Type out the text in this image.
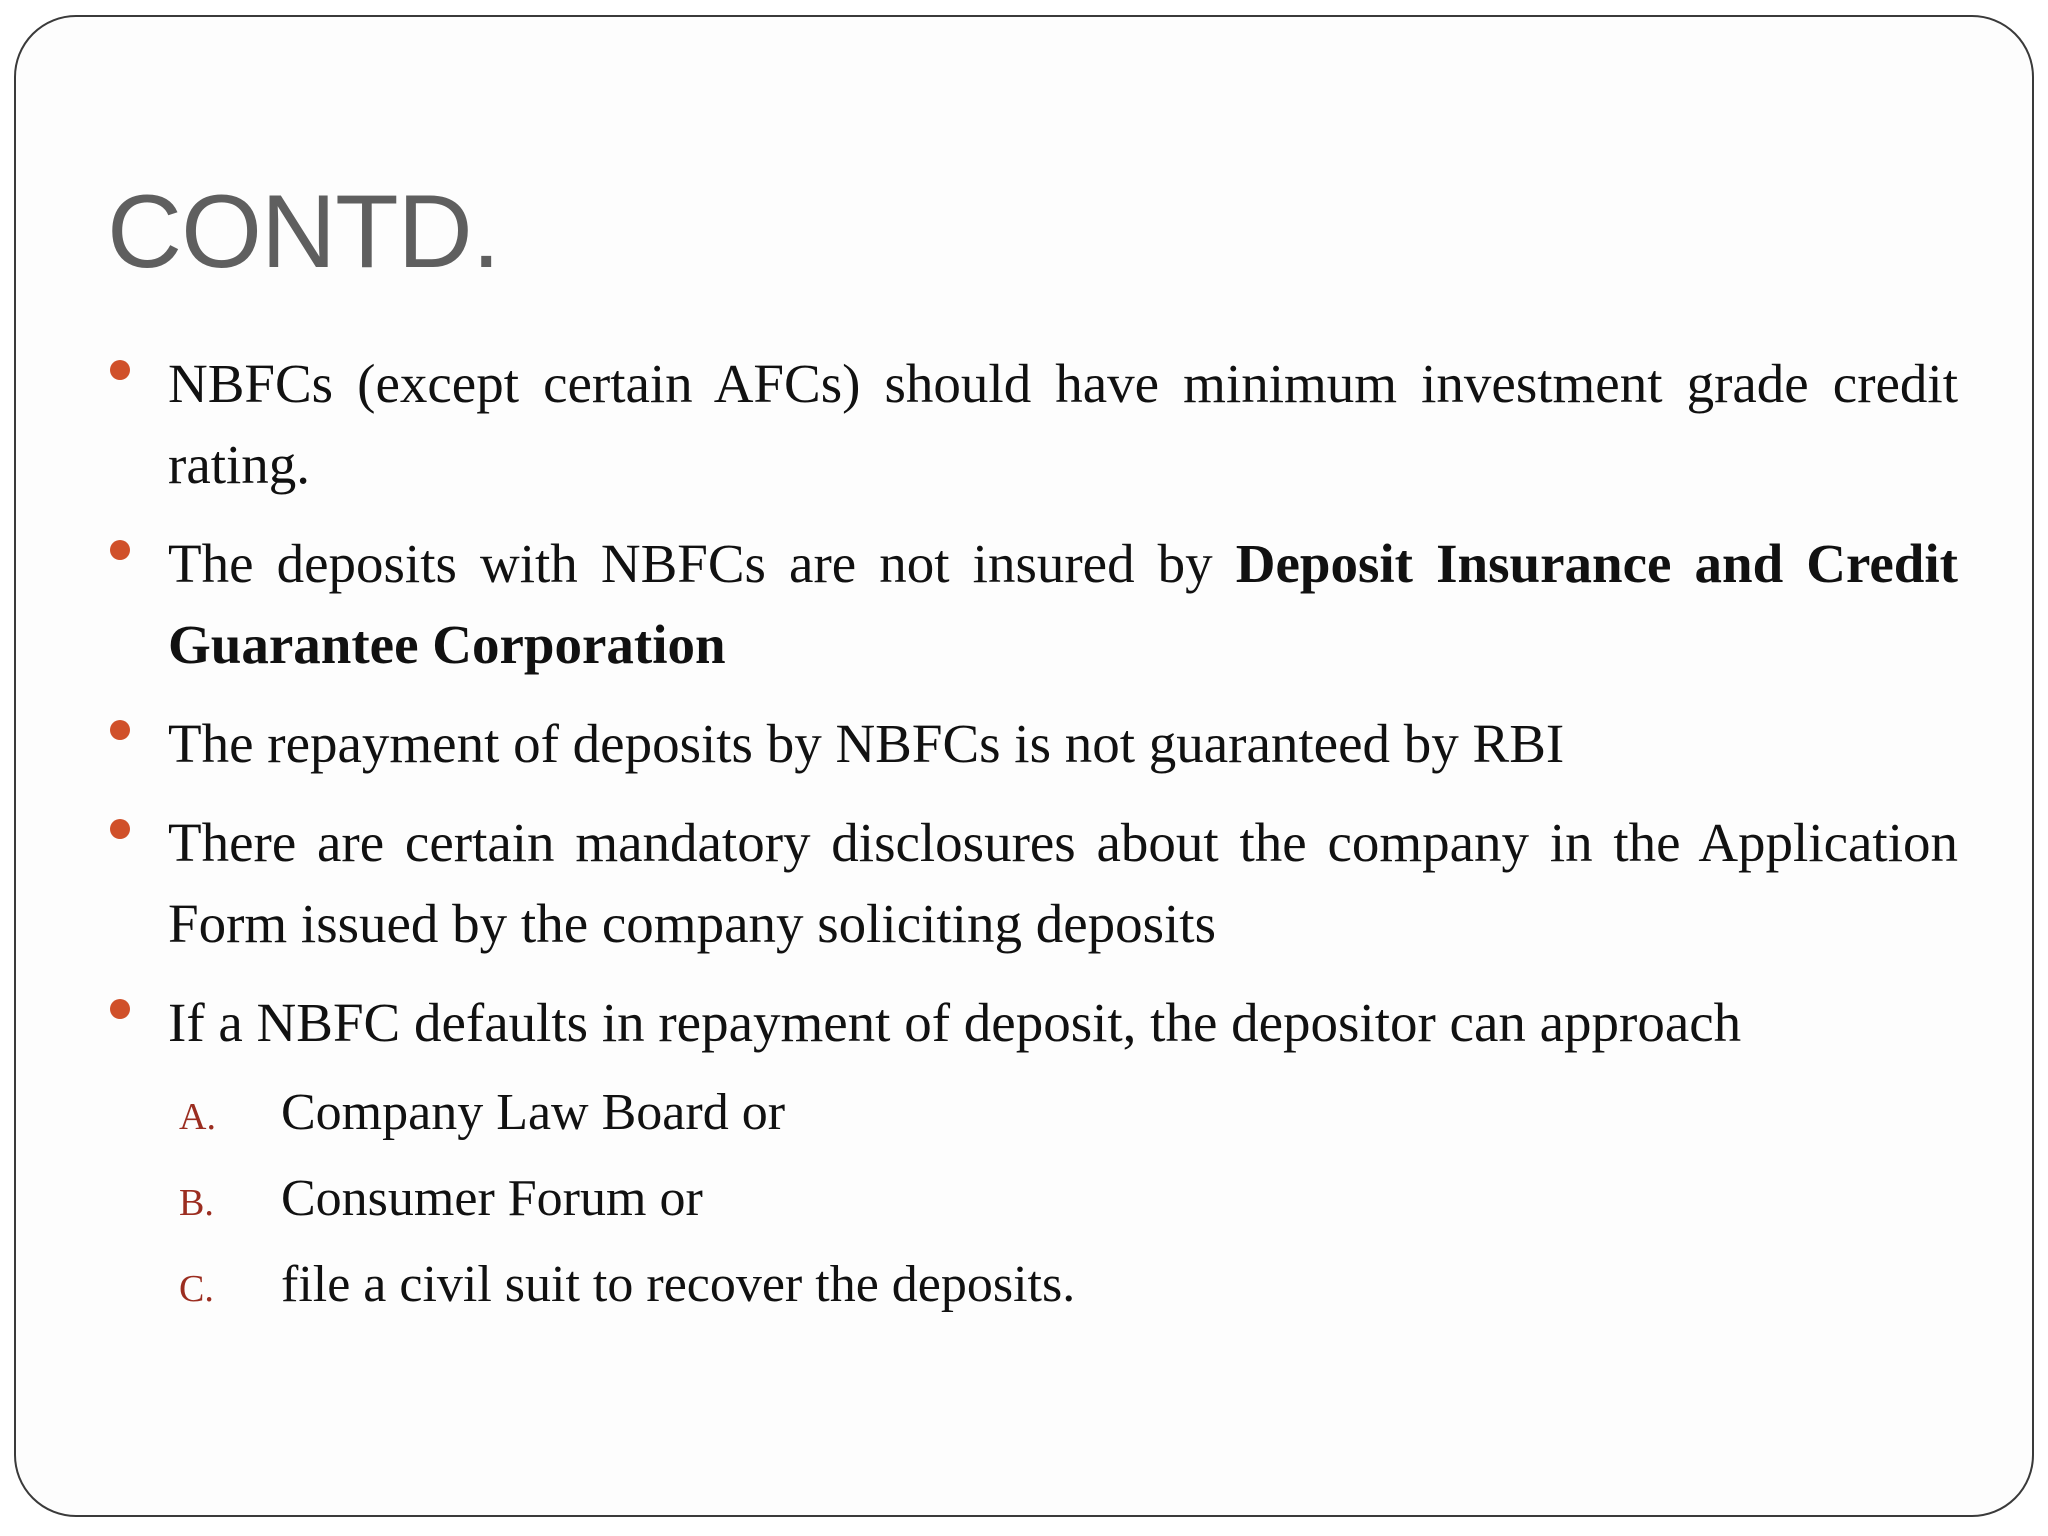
CONTD.
NBFCs (except certain AFCs) should have minimum investment grade credit rating.
The deposits with NBFCs are not insured by Deposit Insurance and Credit Guarantee Corporation
The repayment of deposits by NBFCs is not guaranteed by RBI
There are certain mandatory disclosures about the company in the Application Form issued by the company soliciting deposits
If a NBFC defaults in repayment of deposit, the depositor can approach
A. Company Law Board or
B. Consumer Forum or
C. file a civil suit to recover the deposits.
